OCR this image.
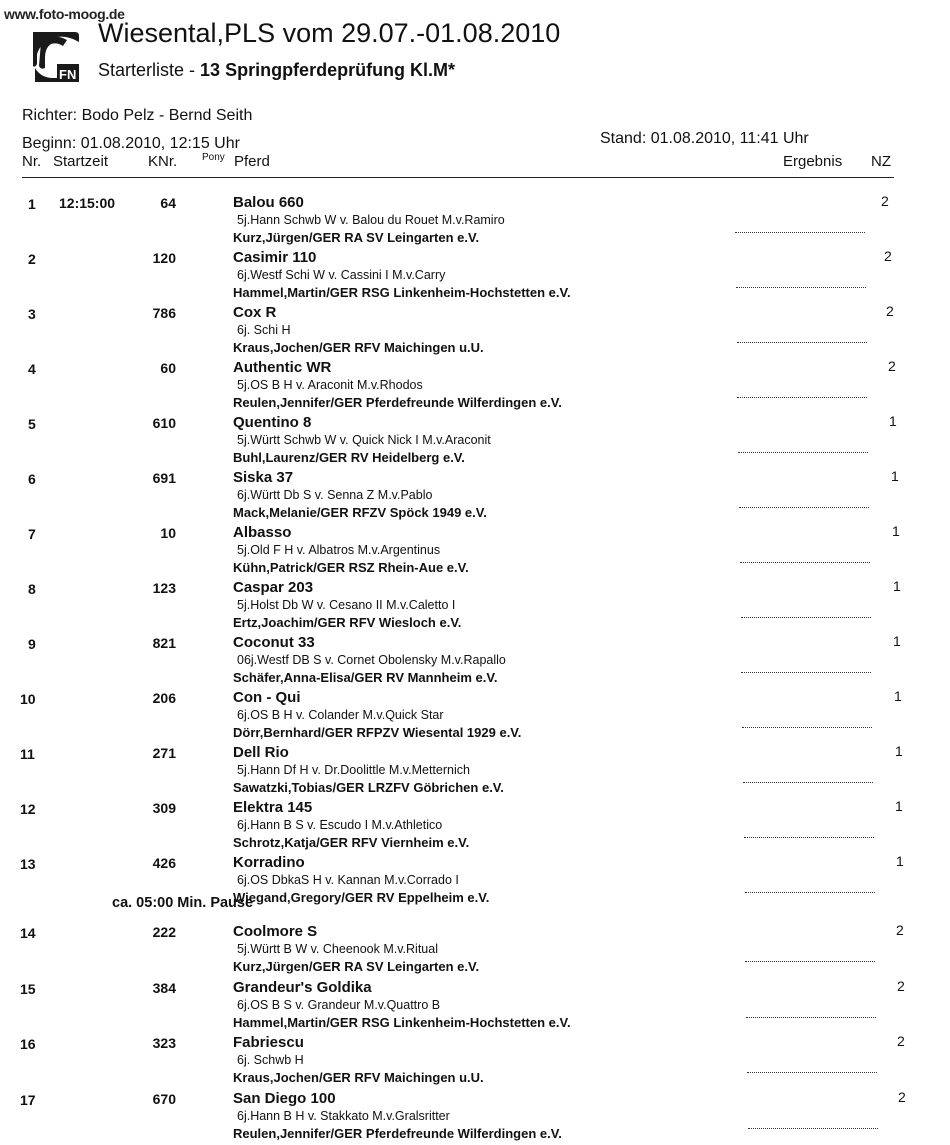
www.foto-moog.de
FN
Wiesental,PLS vom 29.07.-01.08.2010
Starterliste - 13 Springpferdeprüfung Kl.M*
Richter: Bodo Pelz - Bernd Seith
Beginn: 01.08.2010, 12:15 Uhr	Stand: 01.08.2010, 11:41 Uhr
Nr. Startzeit	KNr. Pony Pferd	Ergebnis NZ
1 12:15:00	64	Balou 660
5j.Hann Schwb W v. Balou du Rouet M.v.Ramiro
Kurz,Jürgen/GER RA SV Leingarten e.V.
2
2	120	Casimir 110
6j.Westf Schi W v. Cassini I M.v.Carry
Hammel,Martin/GER RSG Linkenheim-Hochstetten e.V.
2
3	786	Cox R
6j. Schi H
Kraus,Jochen/GER RFV Maichingen u.U.
2
4	60	Authentic WR
5j.OS B H v. Araconit M.v.Rhodos
Reulen,Jennifer/GER Pferdefreunde Wilferdingen e.V.
2
5	610	Quentino 8
5j.Württ Schwb W v. Quick Nick I M.v.Araconit
Buhl,Laurenz/GER RV Heidelberg e.V.
1
6	691	Siska 37
6j.Württ Db S v. Senna Z M.v.Pablo
Mack,Melanie/GER RFZV Spöck 1949 e.V.
1
7	10	Albasso
5j.Old F H v. Albatros M.v.Argentinus
Kühn,Patrick/GER RSZ Rhein-Aue e.V.
1
8	123	Caspar 203
5j.Holst Db W v. Cesano II M.v.Caletto I
Ertz,Joachim/GER RFV Wiesloch e.V.
1
9	821	Coconut 33
06j.Westf DB S v. Cornet Obolensky M.v.Rapallo
Schäfer,Anna-Elisa/GER RV Mannheim e.V.
1
10	206	Con - Qui
6j.OS B H v. Colander M.v.Quick Star
Dörr,Bernhard/GER RFPZV Wiesental 1929 e.V.
1
11	271	Dell Rio
5j.Hann Df H v. Dr.Doolittle M.v.Metternich
Sawatzki,Tobias/GER LRZFV Göbrichen e.V.
1
12	309	Elektra 145
6j.Hann B S v. Escudo I M.v.Athletico
Schrotz,Katja/GER RFV Viernheim e.V.
1
13	426	Korradino
6j.OS DbkaS H v. Kannan M.v.Corrado I
Wiegand,Gregory/GER RV Eppelheim e.V.
1
14	222	Coolmore S
5j.Württ B W v. Cheenook M.v.Ritual
Kurz,Jürgen/GER RA SV Leingarten e.V.
2
15	384	Grandeur's Goldika
6j.OS B S v. Grandeur M.v.Quattro B
Hammel,Martin/GER RSG Linkenheim-Hochstetten e.V.
2
16	323	Fabriescu
6j. Schwb H
Kraus,Jochen/GER RFV Maichingen u.U.
2
17	670	San Diego 100
6j.Hann B H v. Stakkato M.v.Gralsritter
Reulen,Jennifer/GER Pferdefreunde Wilferdingen e.V.
2
ca. 05:00 Min. Pause
